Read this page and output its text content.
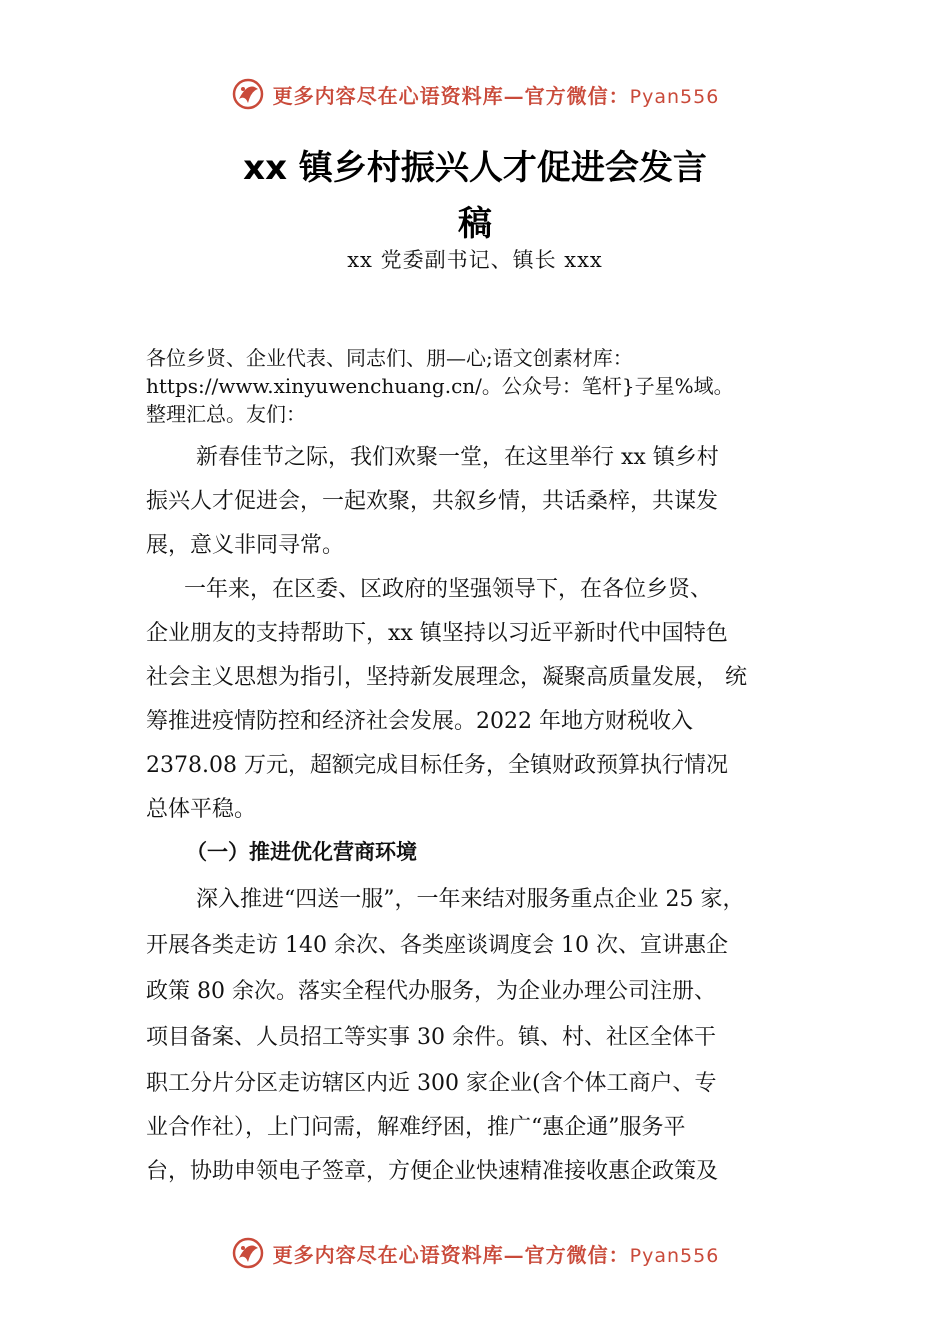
更多内容尽在心语资料库—官方微信：Pyan556
xx 镇乡村振兴人才促进会发言
稿
xx 党委副书记、镇长 xxx
各位乡贤、企业代表、同志们、朋—心;语文创素材库：
https://www.xinyuwenchuang.cn/。公众号：笔杆}子星%域。
整理汇总。友们：
新春佳节之际，我们欢聚一堂，在这里举行 xx 镇乡村
振兴人才促进会，一起欢聚，共叙乡情，共话桑梓，共谋发
展，意义非同寻常。
一年来，在区委、区政府的坚强领导下，在各位乡贤、
企业朋友的支持帮助下，xx 镇坚持以习近平新时代中国特色
社会主义思想为指引，坚持新发展理念，凝聚高质量发展， 统
筹推进疫情防控和经济社会发展。2022 年地方财税收入
2378.08 万元，超额完成目标任务，全镇财政预算执行情况
总体平稳。
（一）推进优化营商环境
深入推进“四送一服”，一年来结对服务重点企业 25 家，
开展各类走访 140 余次、各类座谈调度会 10 次、宣讲惠企
政策 80 余次。落实全程代办服务，为企业办理公司注册、
项目备案、人员招工等实事 30 余件。镇、村、社区全体干
职工分片分区走访辖区内近 300 家企业(含个体工商户、专
业合作社），上门问需，解难纾困，推广“惠企通”服务平
台，协助申领电子签章，方便企业快速精准接收惠企政策及
更多内容尽在心语资料库—官方微信：Pyan556
